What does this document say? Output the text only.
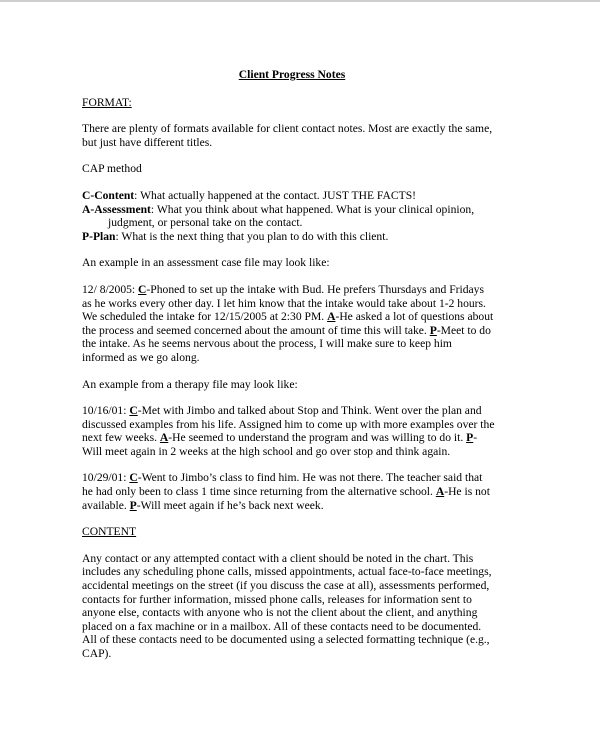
Client Progress Notes

FORMAT:

There are plenty of formats available for client contact notes. Most are exactly the same,

but just have different titles.

CAP method

C-Content: What actually happened at the contact. JUST THE FACTS!

A-Assessment: What you think about what happened. What is your clinical opinion,

judgment, or personal take on the contact.

P-Plan: What is the next thing that you plan to do with this client.

An example in an assessment case file may look like:

12/ 8/2005: C-Phoned to set up the intake with Bud. He prefers Thursdays and Fridays

as he works every other day. I let him know that the intake would take about 1-2 hours.

We scheduled the intake for 12/15/2005 at 2:30 PM. A-He asked a lot of questions about

the process and seemed concerned about the amount of time this will take. P-Meet to do

the intake. As he seems nervous about the process, I will make sure to keep him

informed as we go along.

An example from a therapy file may look like:

10/16/01: C-Met with Jimbo and talked about Stop and Think. Went over the plan and

discussed examples from his life. Assigned him to come up with more examples over the

next few weeks. A-He seemed to understand the program and was willing to do it. P-

Will meet again in 2 weeks at the high school and go over stop and think again.

10/29/01: C-Went to Jimbo’s class to find him. He was not there. The teacher said that

he had only been to class 1 time since returning from the alternative school. A-He is not

available. P-Will meet again if he’s back next week.

CONTENT

Any contact or any attempted contact with a client should be noted in the chart. This

includes any scheduling phone calls, missed appointments, actual face-to-face meetings,

accidental meetings on the street (if you discuss the case at all), assessments performed,

contacts for further information, missed phone calls, releases for information sent to

anyone else, contacts with anyone who is not the client about the client, and anything

placed on a fax machine or in a mailbox. All of these contacts need to be documented.

All of these contacts need to be documented using a selected formatting technique (e.g.,

CAP).
